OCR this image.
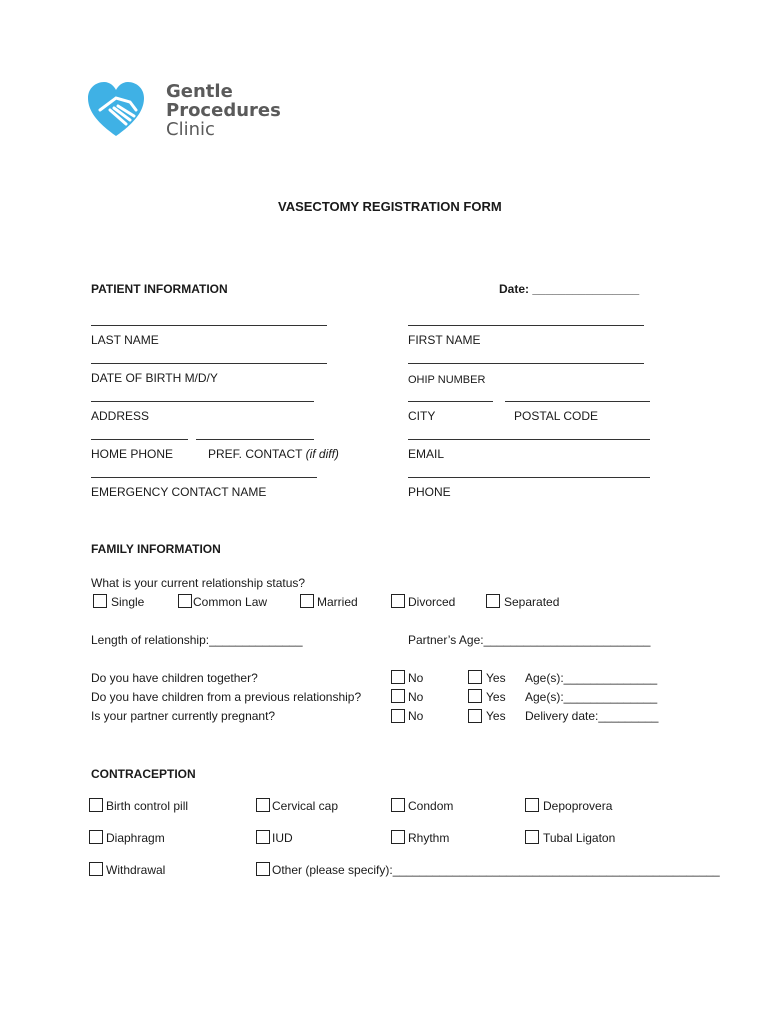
Gentle
Procedures
Clinic
VASECTOMY REGISTRATION FORM
PATIENT INFORMATION	Date: ________________
LAST NAME	FIRST NAME
DATE OF BIRTH M/D/Y	OHIP NUMBER
ADDRESS	CITY	POSTAL CODE
HOME PHONE	PREF. CONTACT (if diff)	EMAIL
EMERGENCY CONTACT NAME	PHONE
FAMILY INFORMATION
What is your current relationship status?
Single	Common Law	Married	Divorced	Separated
Length of relationship:______________	Partner’s Age:_________________________
Do you have children together?	No	Yes Age(s):______________
Do you have children from a previous relationship?	No	Yes Age(s):______________
Is your partner currently pregnant?	No	Yes Delivery date:_________
CONTRACEPTION
Birth control pill	Cervical cap	Condom	Depoprovera
Diaphragm	IUD	Rhythm	Tubal Ligaton
Withdrawal	Other (please specify):_________________________________________________
